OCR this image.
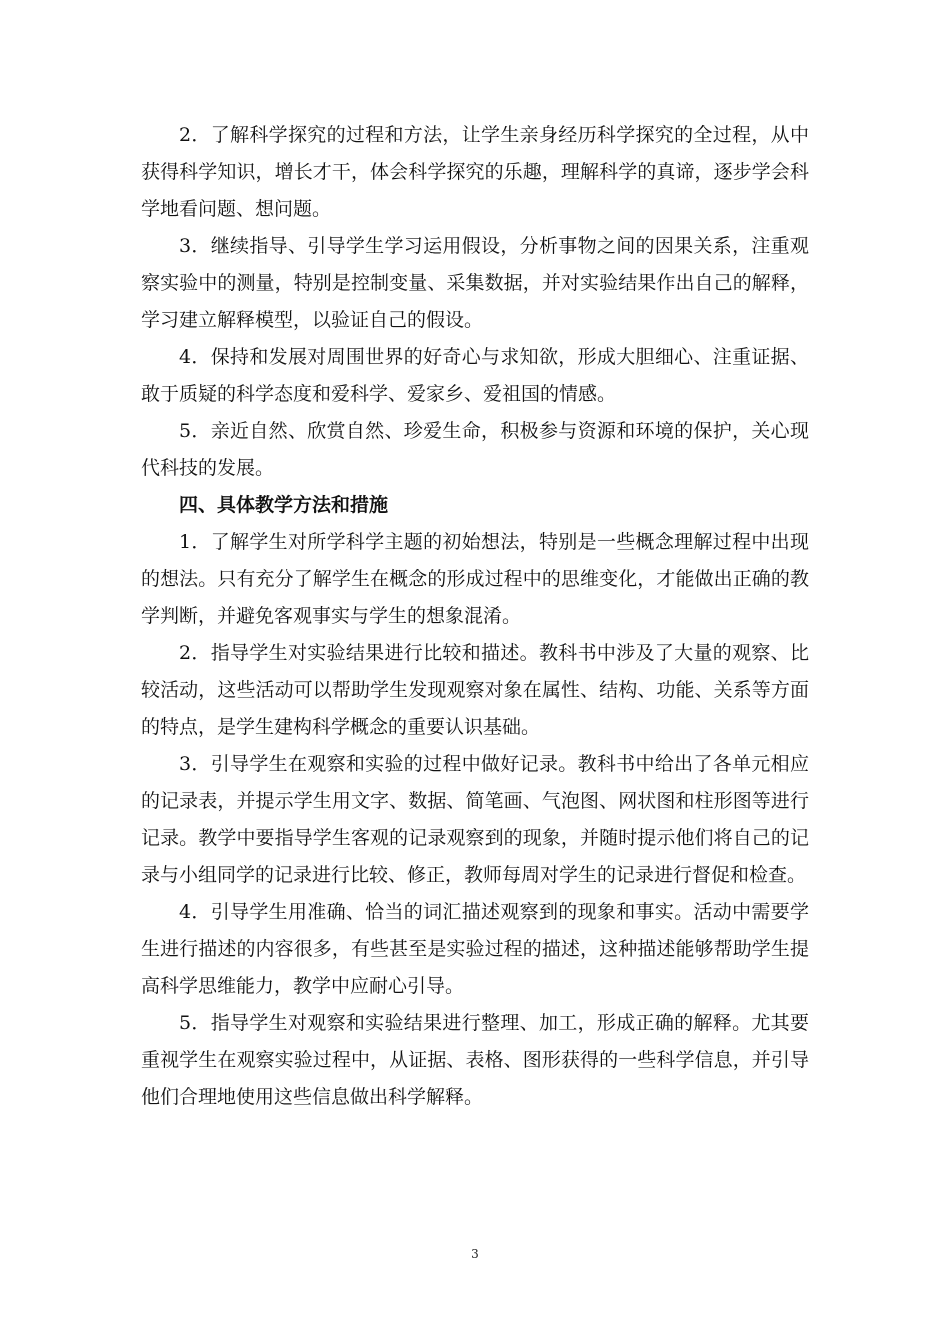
2．了解科学探究的过程和方法，让学生亲身经历科学探究的全过程，从中获得科学知识，增长才干，体会科学探究的乐趣，理解科学的真谛，逐步学会科学地看问题、想问题。

3．继续指导、引导学生学习运用假设，分析事物之间的因果关系，注重观察实验中的测量，特别是控制变量、采集数据，并对实验结果作出自己的解释，学习建立解释模型，以验证自己的假设。

4．保持和发展对周围世界的好奇心与求知欲，形成大胆细心、注重证据、敢于质疑的科学态度和爱科学、爱家乡、爱祖国的情感。

5．亲近自然、欣赏自然、珍爱生命，积极参与资源和环境的保护，关心现代科技的发展。

四、具体教学方法和措施

1．了解学生对所学科学主题的初始想法，特别是一些概念理解过程中出现的想法。只有充分了解学生在概念的形成过程中的思维变化，才能做出正确的教学判断，并避免客观事实与学生的想象混淆。

2．指导学生对实验结果进行比较和描述。教科书中涉及了大量的观察、比较活动，这些活动可以帮助学生发现观察对象在属性、结构、功能、关系等方面的特点，是学生建构科学概念的重要认识基础。

3．引导学生在观察和实验的过程中做好记录。教科书中给出了各单元相应的记录表，并提示学生用文字、数据、简笔画、气泡图、网状图和柱形图等进行记录。教学中要指导学生客观的记录观察到的现象，并随时提示他们将自己的记录与小组同学的记录进行比较、修正，教师每周对学生的记录进行督促和检查。

4．引导学生用准确、恰当的词汇描述观察到的现象和事实。活动中需要学生进行描述的内容很多，有些甚至是实验过程的描述，这种描述能够帮助学生提高科学思维能力，教学中应耐心引导。

5．指导学生对观察和实验结果进行整理、加工，形成正确的解释。尤其要重视学生在观察实验过程中，从证据、表格、图形获得的一些科学信息，并引导他们合理地使用这些信息做出科学解释。

3
